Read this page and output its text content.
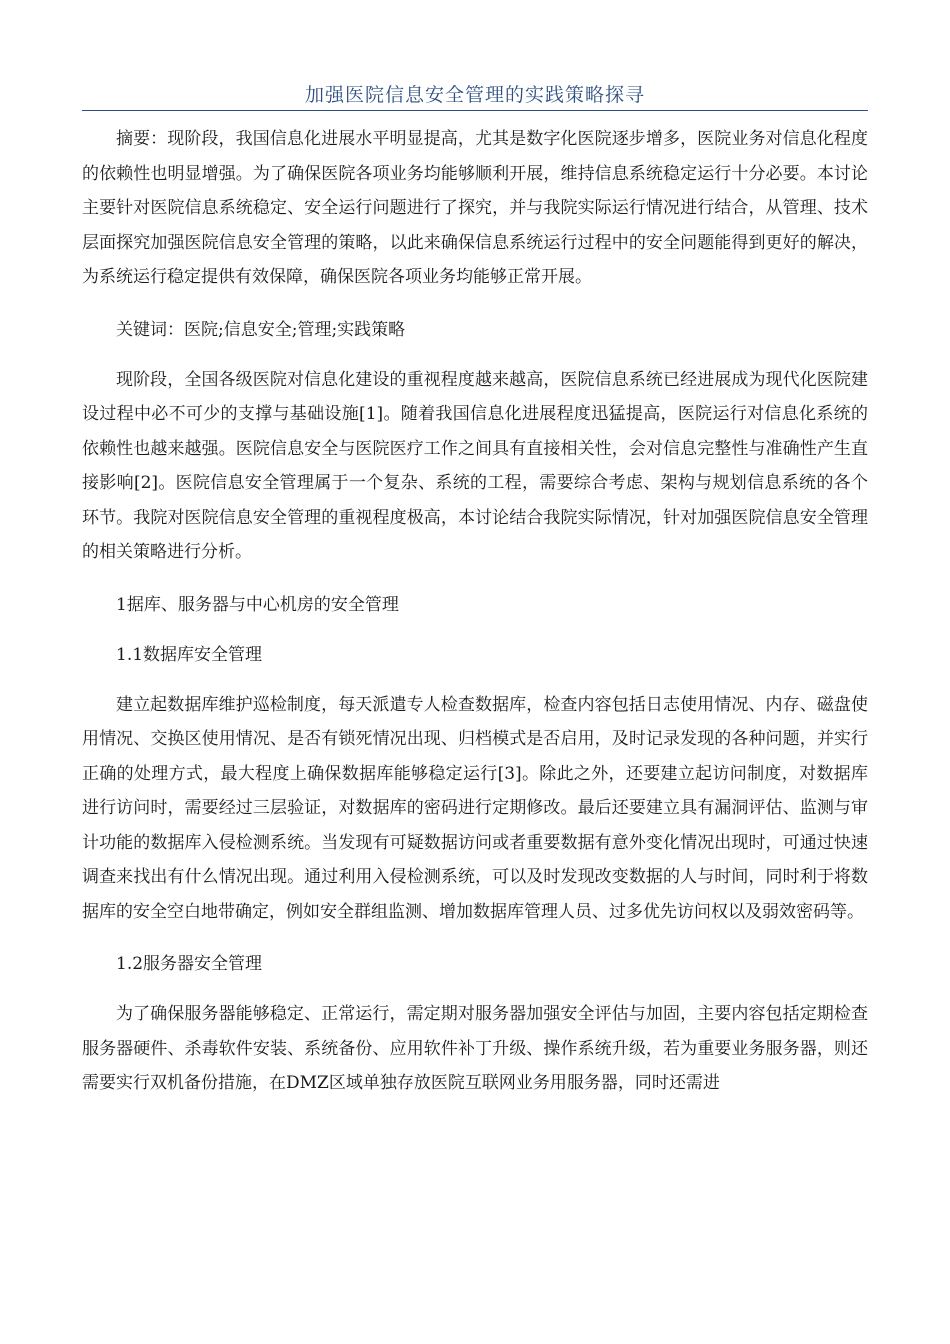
加强医院信息安全管理的实践策略探寻

摘要：现阶段，我国信息化进展水平明显提高，尤其是数字化医院逐步增多，医院业务对信息化程度的依赖性也明显增强。为了确保医院各项业务均能够顺利开展，维持信息系统稳定运行十分必要。本讨论主要针对医院信息系统稳定、安全运行问题进行了探究，并与我院实际运行情况进行结合，从管理、技术层面探究加强医院信息安全管理的策略，以此来确保信息系统运行过程中的安全问题能得到更好的解决，为系统运行稳定提供有效保障，确保医院各项业务均能够正常开展。

关键词：医院;信息安全;管理;实践策略

现阶段，全国各级医院对信息化建设的重视程度越来越高，医院信息系统已经进展成为现代化医院建设过程中必不可少的支撑与基础设施[1]。随着我国信息化进展程度迅猛提高，医院运行对信息化系统的依赖性也越来越强。医院信息安全与医院医疗工作之间具有直接相关性，会对信息完整性与准确性产生直接影响[2]。医院信息安全管理属于一个复杂、系统的工程，需要综合考虑、架构与规划信息系统的各个环节。我院对医院信息安全管理的重视程度极高，本讨论结合我院实际情况，针对加强医院信息安全管理的相关策略进行分析。

1据库、服务器与中心机房的安全管理

1.1数据库安全管理

建立起数据库维护巡检制度，每天派遣专人检查数据库，检查内容包括日志使用情况、内存、磁盘使用情况、交换区使用情况、是否有锁死情况出现、归档模式是否启用，及时记录发现的各种问题，并实行正确的处理方式，最大程度上确保数据库能够稳定运行[3]。除此之外，还要建立起访问制度，对数据库进行访问时，需要经过三层验证，对数据库的密码进行定期修改。最后还要建立具有漏洞评估、监测与审计功能的数据库入侵检测系统。当发现有可疑数据访问或者重要数据有意外变化情况出现时，可通过快速调查来找出有什么情况出现。通过利用入侵检测系统，可以及时发现改变数据的人与时间，同时利于将数据库的安全空白地带确定，例如安全群组监测、增加数据库管理人员、过多优先访问权以及弱效密码等。

1.2服务器安全管理

为了确保服务器能够稳定、正常运行，需定期对服务器加强安全评估与加固，主要内容包括定期检查服务器硬件、杀毒软件安装、系统备份、应用软件补丁升级、操作系统升级，若为重要业务服务器，则还需要实行双机备份措施，在DMZ区域单独存放医院互联网业务用服务器，同时还需进
